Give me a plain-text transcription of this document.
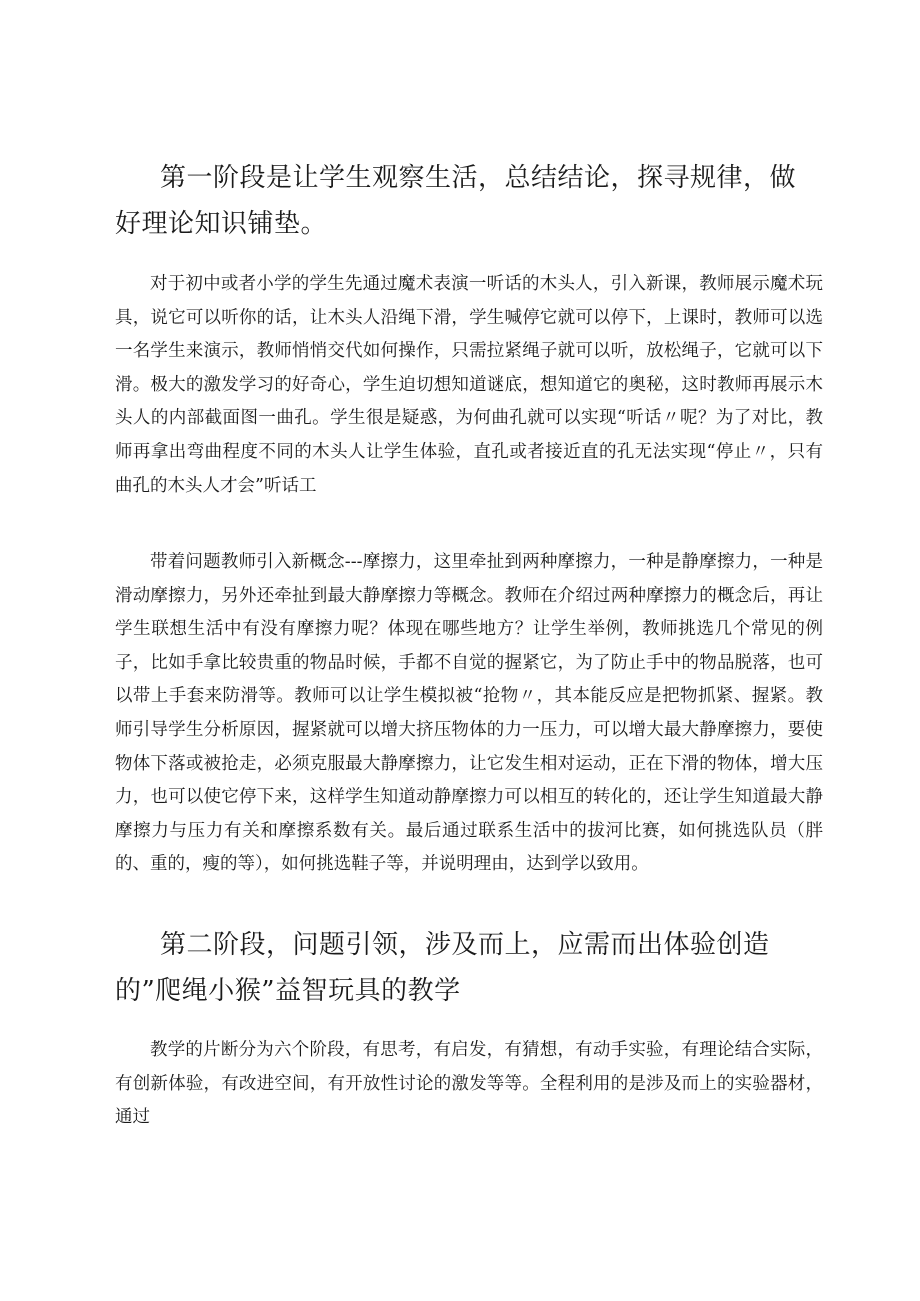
第一阶段是让学生观察生活，总结结论，探寻规律，做好理论知识铺垫。

对于初中或者小学的学生先通过魔术表演一听话的木头人，引入新课，教师展示魔术玩具，说它可以听你的话，让木头人沿绳下滑，学生喊停它就可以停下，上课时，教师可以选一名学生来演示，教师悄悄交代如何操作，只需拉紧绳子就可以听，放松绳子，它就可以下滑。极大的激发学习的好奇心，学生迫切想知道谜底，想知道它的奥秘，这时教师再展示木头人的内部截面图一曲孔。学生很是疑惑，为何曲孔就可以实现“听话〃呢？为了对比，教师再拿出弯曲程度不同的木头人让学生体验，直孔或者接近直的孔无法实现“停止〃，只有曲孔的木头人才会”听话工

带着问题教师引入新概念---摩擦力，这里牵扯到两种摩擦力，一种是静摩擦力，一种是滑动摩擦力，另外还牵扯到最大静摩擦力等概念。教师在介绍过两种摩擦力的概念后，再让学生联想生活中有没有摩擦力呢？体现在哪些地方？让学生举例，教师挑选几个常见的例子，比如手拿比较贵重的物品时候，手都不自觉的握紧它，为了防止手中的物品脱落，也可以带上手套来防滑等。教师可以让学生模拟被“抢物〃，其本能反应是把物抓紧、握紧。教师引导学生分析原因，握紧就可以增大挤压物体的力一压力，可以增大最大静摩擦力，要使物体下落或被抢走，必须克服最大静摩擦力，让它发生相对运动，正在下滑的物体，增大压力，也可以使它停下来，这样学生知道动静摩擦力可以相互的转化的，还让学生知道最大静摩擦力与压力有关和摩擦系数有关。最后通过联系生活中的拔河比赛，如何挑选队员（胖的、重的，瘦的等），如何挑选鞋子等，并说明理由，达到学以致用。

第二阶段，问题引领，涉及而上，应需而出体验创造的”爬绳小猴”益智玩具的教学

教学的片断分为六个阶段，有思考，有启发，有猜想，有动手实验，有理论结合实际，有创新体验，有改进空间，有开放性讨论的激发等等。全程利用的是涉及而上的实验器材，通过
